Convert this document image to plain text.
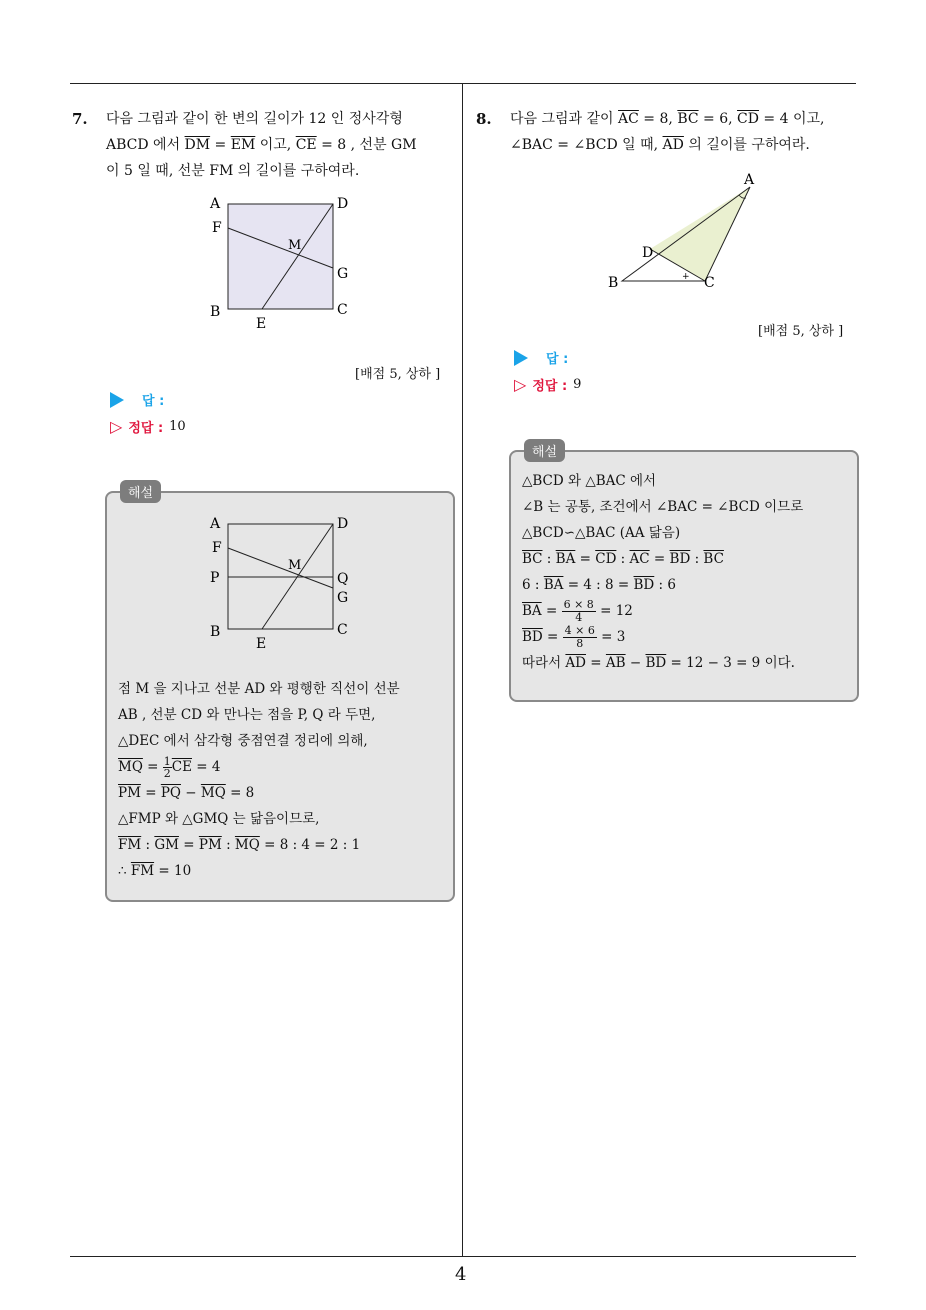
4
7. 다음 그림과 같이 한 변의 길이가 12 인 정사각형
ABCD 에서 $\overline{DM} = \overline{EM}$ 이고, $\overline{CE} = 8$ , 선분 GM
이 5 일 때, 선분 FM 의 길이를 구하여라.
A	D
F
M
G
B	C
E
[배점 5, 상하 ]
답 :
▷ 정답 : 10
해설
A	D
F
M
P	Q
G
B	C
E
점 M 을 지나고 선분 AD 와 평행한 직선이 선분
AB , 선분 CD 와 만나는 점을 P, Q 라 두면,
△DEC 에서 삼각형 중점연결 정리에 의해,
$\overline{MQ} = \frac{1}{2} \overline{CE} = 4$
$\overline{PM} = \overline{PQ} - \overline{MQ} = 8$
△FMP 와 △GMQ 는 닮음이므로,
$\overline{FM}$ : $\overline{GM} = \overline{PM}$ : $\overline{MQ} = 8$ : 4 = 2 : 1
∴ $\overline{FM} = 10$
8. 다음 그림과 같이 $\overline{AC} = 8$, $\overline{BC} = 6$, $\overline{CD} = 4$ 이고,
∠BAC = ∠BCD 일 때, $\overline{AD}$ 의 길이를 구하여라.
+
A
D
B	C
[배점 5, 상하 ]
답 :
▷ 정답 : 9
해설
△BCD 와 △BAC 에서
∠B 는 공통, 조건에서 ∠BAC = ∠BCD 이므로
△BCD∽△BAC (AA 닮음)
$\overline{BC}$ : $\overline{BA} = \overline{CD}$ : $\overline{AC} = \overline{BD}$ : $\overline{BC}$
6 : $\overline{BA} = 4$ : $8 = \overline{BD}$ : 6
$\overline{BA} = \frac{6 \times 8}{4} = 12$
$\overline{BD} = \frac{4 \times 6}{8} = 3$
따라서 $\overline{AD} = \overline{AB} - \overline{BD} = 12 - 3 = 9$ 이다.
